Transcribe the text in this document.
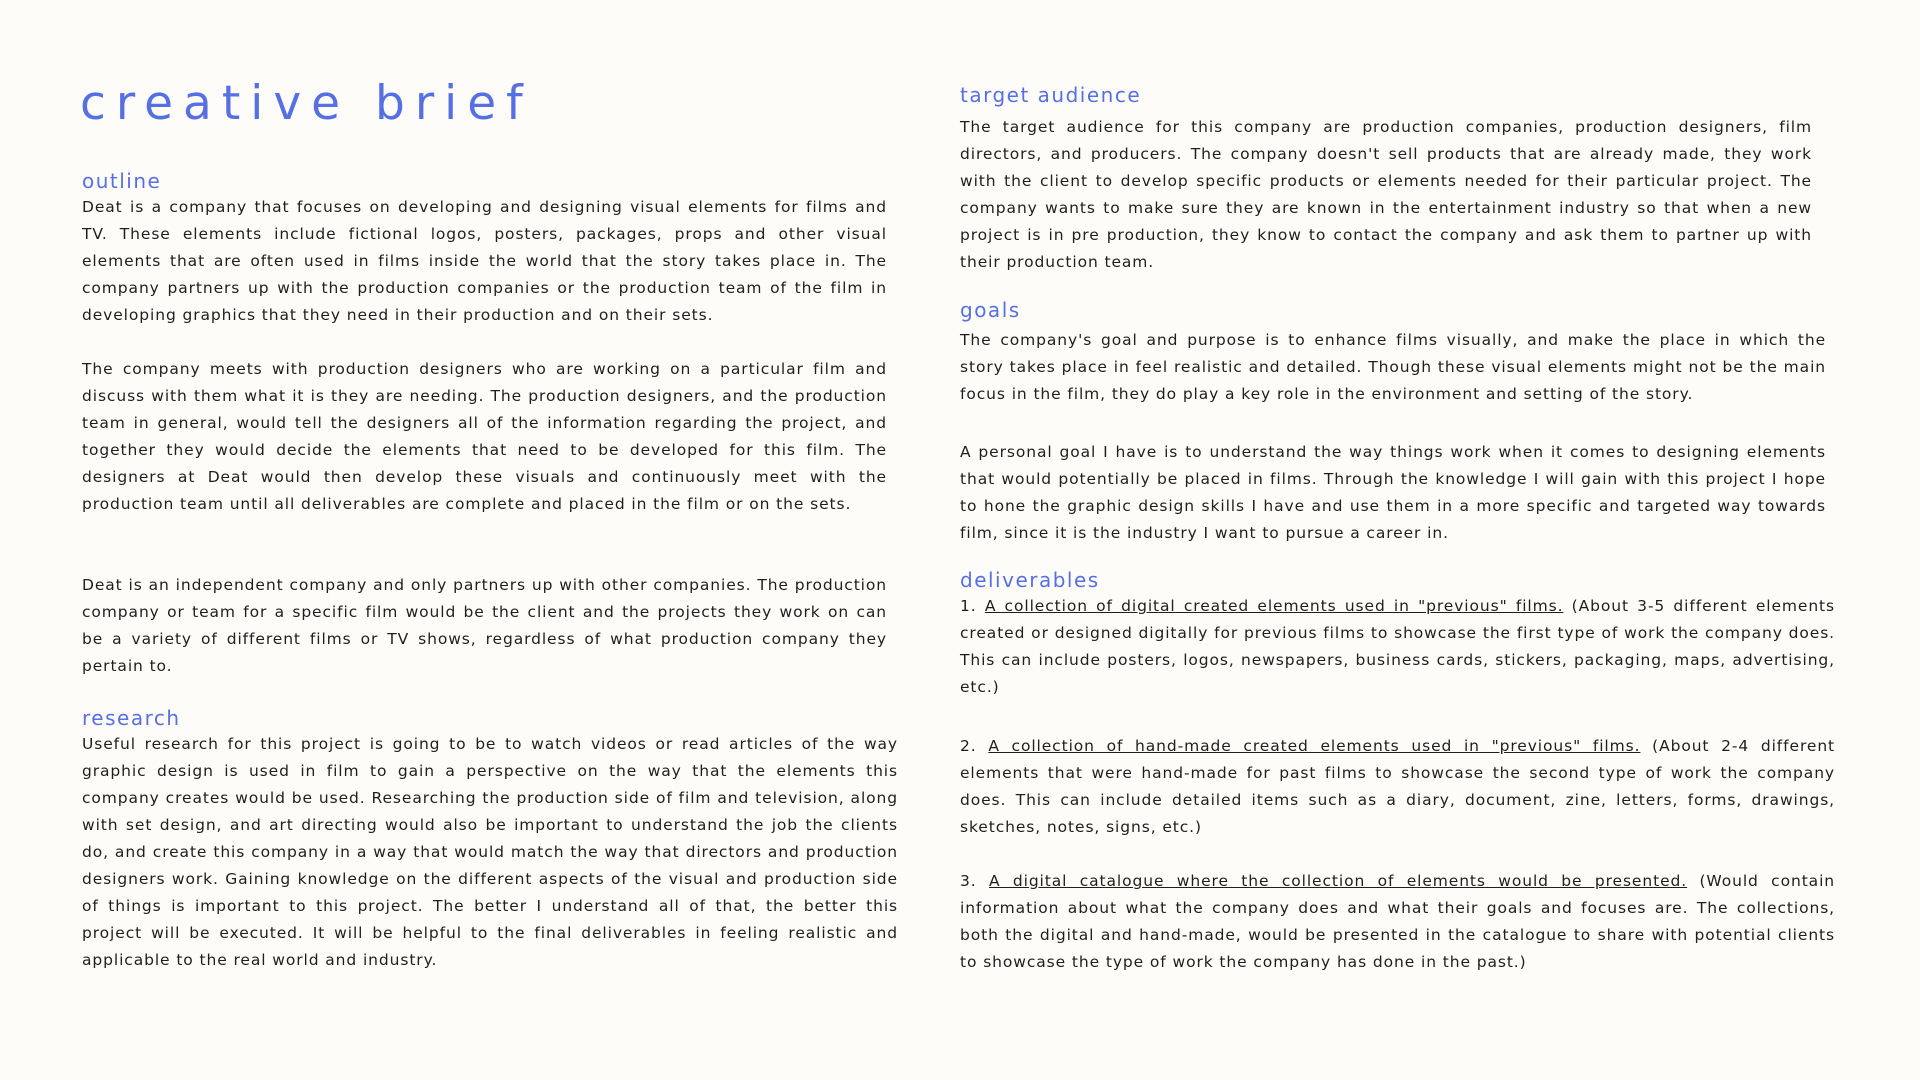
creative brief
outline

Deat is a company that focuses on developing and designing visual elements for films and TV. These elements include fictional logos, posters, packages, props and other visual elements that are often used in films inside the world that the story takes place in. The company partners up with the production companies or the production team of the film in developing graphics that they need in their production and on their sets.

The company meets with production designers who are working on a particular film and discuss with them what it is they are needing. The production designers, and the production team in general, would tell the designers all of the information regarding the project, and together they would decide the elements that need to be developed for this film. The designers at Deat would then develop these visuals and continuously meet with the production team until all deliverables are complete and placed in the film or on the sets.

Deat is an independent company and only partners up with other companies. The production company or team for a specific film would be the client and the projects they work on can be a variety of different films or TV shows, regardless of what production company they pertain to.

research

Useful research for this project is going to be to watch videos or read articles of the way graphic design is used in film to gain a perspective on the way that the elements this company creates would be used. Researching the production side of film and television, along with set design, and art directing would also be important to understand the job the clients do, and create this company in a way that would match the way that directors and production designers work. Gaining knowledge on the different aspects of the visual and production side of things is important to this project. The better I understand all of that, the better this project will be executed. It will be helpful to the final deliverables in feeling realistic and applicable to the real world and industry.

target audience

The target audience for this company are production companies, production designers, film directors, and producers. The company doesn't sell products that are already made, they work with the client to develop specific products or elements needed for their particular project. The company wants to make sure they are known in the entertainment industry so that when a new project is in pre production, they know to contact the company and ask them to partner up with their production team.

goals

The company's goal and purpose is to enhance films visually, and make the place in which the story takes place in feel realistic and detailed. Though these visual elements might not be the main focus in the film, they do play a key role in the environment and setting of the story.

A personal goal I have is to understand the way things work when it comes to designing elements that would potentially be placed in films. Through the knowledge I will gain with this project I hope to hone the graphic design skills I have and use them in a more specific and targeted way towards film, since it is the industry I want to pursue a career in.

deliverables

1. A collection of digital created elements used in "previous" films. (About 3-5 different elements created or designed digitally for previous films to showcase the first type of work the company does. This can include posters, logos, newspapers, business cards, stickers, packaging, maps, advertising, etc.)

2. A collection of hand-made created elements used in "previous" films. (About 2-4 different elements that were hand-made for past films to showcase the second type of work the company does. This can include detailed items such as a diary, document, zine, letters, forms, drawings, sketches, notes, signs, etc.)

3. A digital catalogue where the collection of elements would be presented. (Would contain information about what the company does and what their goals and focuses are. The collections, both the digital and hand-made, would be presented in the catalogue to share with potential clients to showcase the type of work the company has done in the past.)
